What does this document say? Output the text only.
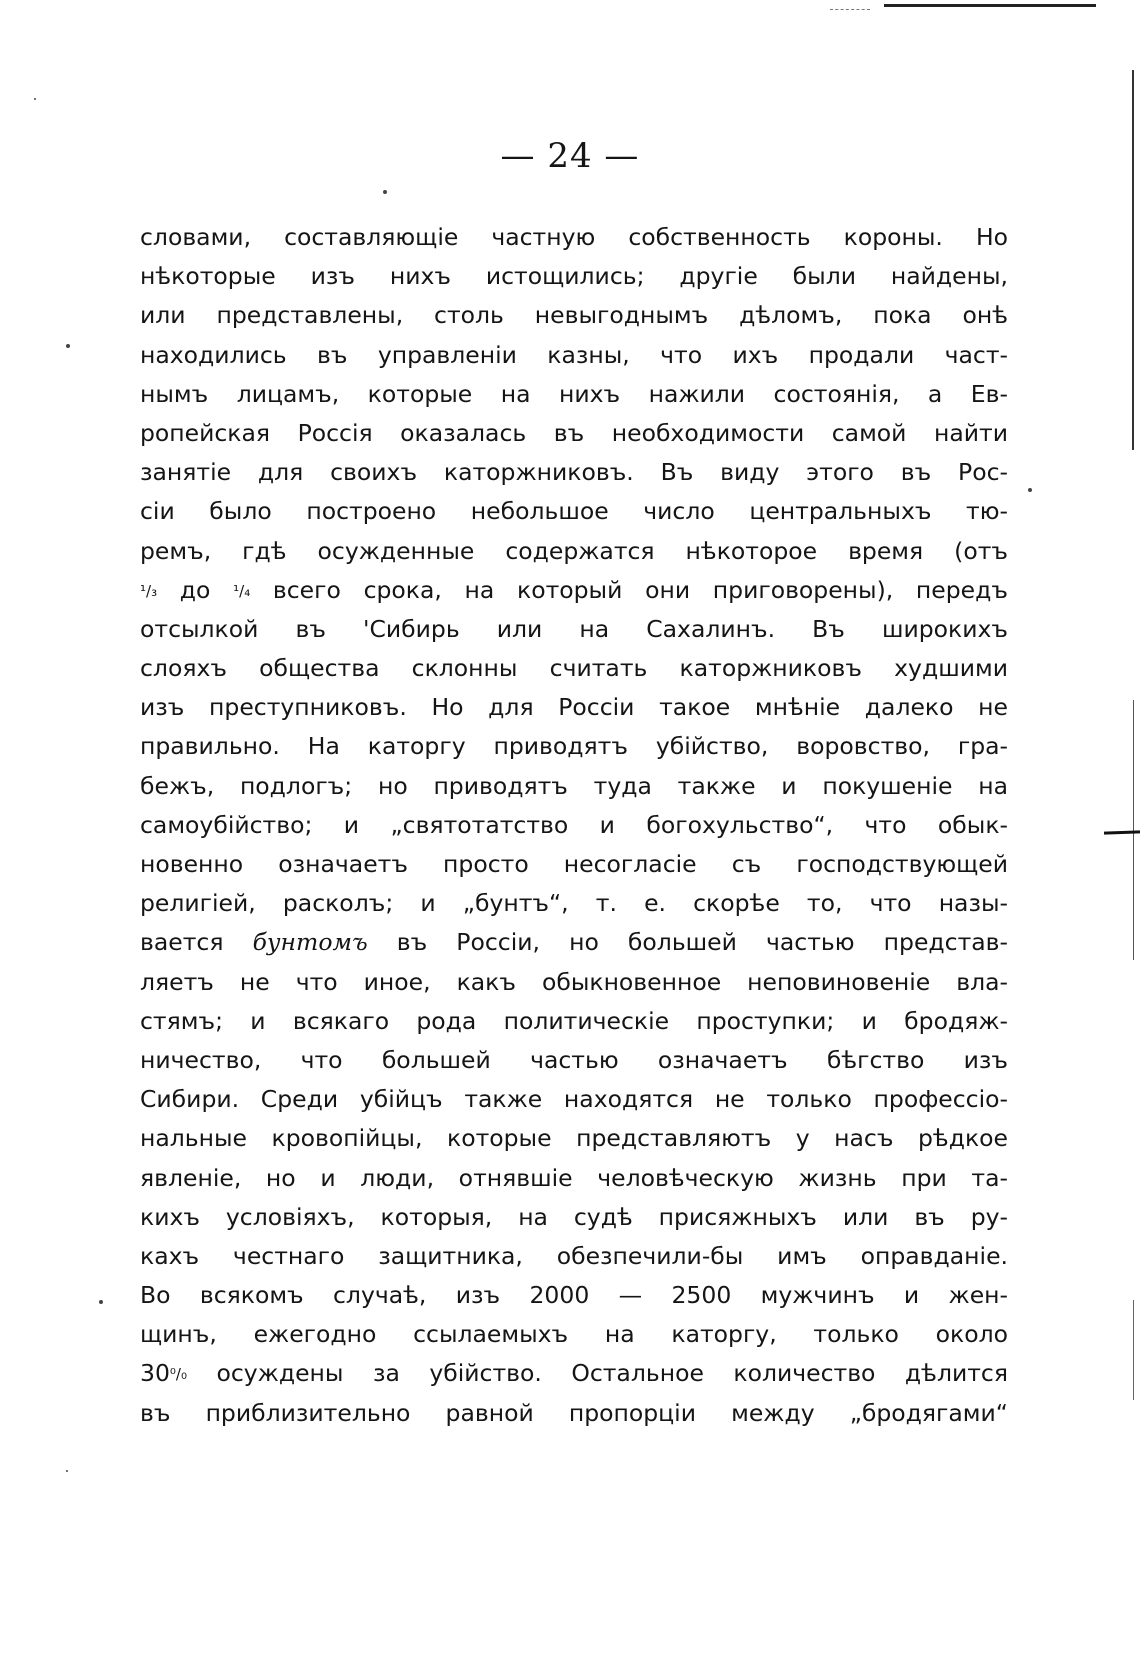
— 24 —
словами, составляющіе частную собственность короны. Но
нѣкоторые изъ нихъ истощились; другіе были найдены,
или представлены, столь невыгоднымъ дѣломъ, пока онѣ
находились въ управленіи казны, что ихъ продали част-
нымъ лицамъ, которые на нихъ нажили состоянія, а Ев-
ропейская Россія оказалась въ необходимости самой найти
занятіе для своихъ каторжниковъ. Въ виду этого въ Рос-
сіи было построено небольшое число центральныхъ тю-
ремъ, гдѣ осужденные содержатся нѣкоторое время (отъ
¹/₃ до ¹/₄ всего срока, на который они приговорены), передъ
отсылкой въ 'Сибирь или на Сахалинъ. Въ широкихъ
слояхъ общества склонны считать каторжниковъ худшими
изъ преступниковъ. Но для Россіи такое мнѣніе далеко не
правильно. На каторгу приводятъ убійство, воровство, гра-
бежъ, подлогъ; но приводятъ туда также и покушеніе на
самоубійство; и „святотатство и богохульство“, что обык-
новенно означаетъ просто несогласіе съ господствующей
религіей, расколъ; и „бунтъ“, т. е. скорѣе то, что назы-
вается бунтомъ въ Россіи, но большей частью представ-
ляетъ не что иное, какъ обыкновенное неповиновеніе вла-
стямъ; и всякаго рода политическіе проступки; и бродяж-
ничество, что большей частью означаетъ бѣгство изъ
Сибири. Среди убійцъ также находятся не только профессіо-
нальные кровопійцы, которые представляютъ у насъ рѣдкое
явленіе, но и люди, отнявшіе человѣческую жизнь при та-
кихъ условіяхъ, которыя, на судѣ присяжныхъ или въ ру-
кахъ честнаго защитника, обезпечили-бы имъ оправданіе.
Во всякомъ случаѣ, изъ 2000 — 2500 мужчинъ и жен-
щинъ, ежегодно ссылаемыхъ на каторгу, только около
30⁰/₀ осуждены за убійство. Остальное количество дѣлится
въ приблизительно равной пропорціи между „бродягами“
